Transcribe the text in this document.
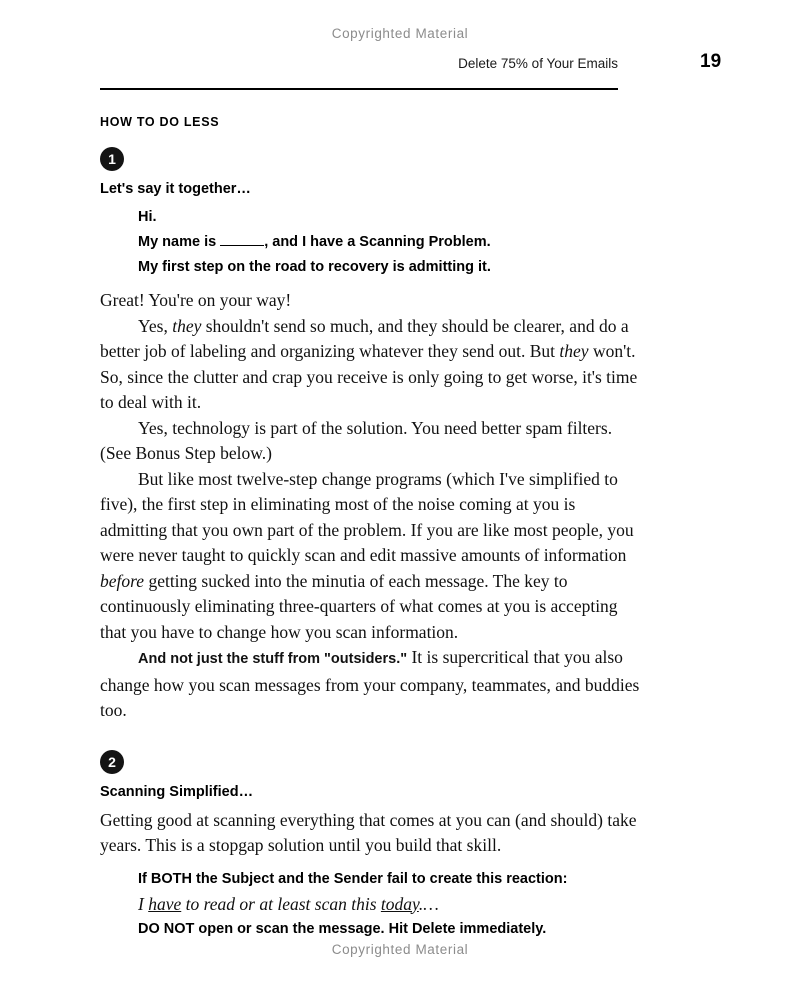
Copyrighted Material
Delete 75% of Your Emails	19
HOW TO DO LESS
1
Let's say it together…
Hi.
My name is	, and I have a Scanning Problem.
My first step on the road to recovery is admitting it.

Great! You're on your way!

Yes, they shouldn't send so much, and they should be clearer, and do a better job of labeling and organizing whatever they send out. But they won't. So, since the clutter and crap you receive is only going to get worse, it's time to deal with it.

Yes, technology is part of the solution. You need better spam filters. (See Bonus Step below.)

But like most twelve-step change programs (which I've simplified to five), the first step in eliminating most of the noise coming at you is admitting that you own part of the problem. If you are like most people, you were never taught to quickly scan and edit massive amounts of information before getting sucked into the minutia of each message. The key to continuously eliminating three-quarters of what comes at you is accepting that you have to change how you scan information.

And not just the stuff from "outsiders." It is supercritical that you also change how you scan messages from your company, teammates, and buddies too.

2
Scanning Simplified…

Getting good at scanning everything that comes at you can (and should) take years. This is a stopgap solution until you build that skill.

If BOTH the Subject and the Sender fail to create this reaction:
I have to read or at least scan this today.…
DO NOT open or scan the message. Hit Delete immediately.
Copyrighted Material
